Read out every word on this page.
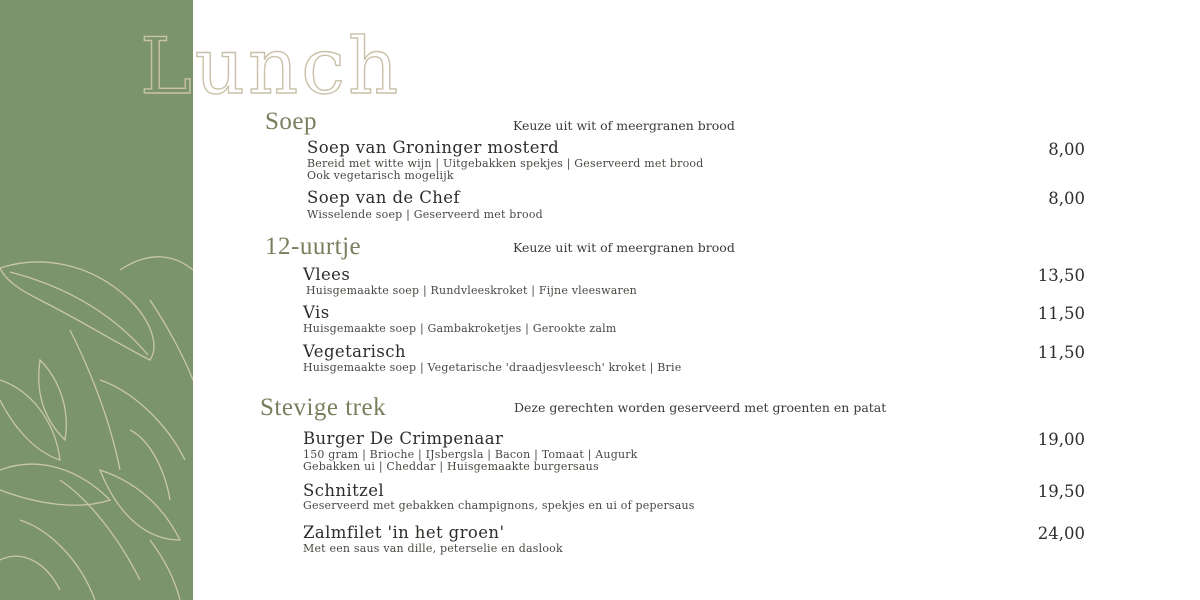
Lunch
Soep	Keuze uit wit of meergranen brood
Soep van Groninger mosterd	8,00
Bereid met witte wijn | Uitgebakken spekjes | Geserveerd met brood
Ook vegetarisch mogelijk
Soep van de Chef	8,00
Wisselende soep | Geserveerd met brood
12-uurtje	Keuze uit wit of meergranen brood
Vlees	13,50
Huisgemaakte soep | Rundvleeskroket | Fijne vleeswaren
Vis	11,50
Huisgemaakte soep | Gambakroketjes | Gerookte zalm
Vegetarisch	11,50
Huisgemaakte soep | Vegetarische 'draadjesvleesch' kroket | Brie
Stevige trek	Deze gerechten worden geserveerd met groenten en patat
Burger De Crimpenaar	19,00
150 gram | Brioche | IJsbergsla | Bacon | Tomaat | Augurk
Gebakken ui | Cheddar | Huisgemaakte burgersaus
Schnitzel	19,50
Geserveerd met gebakken champignons, spekjes en ui of pepersaus
Zalmfilet 'in het groen'	24,00
Met een saus van dille, peterselie en daslook
